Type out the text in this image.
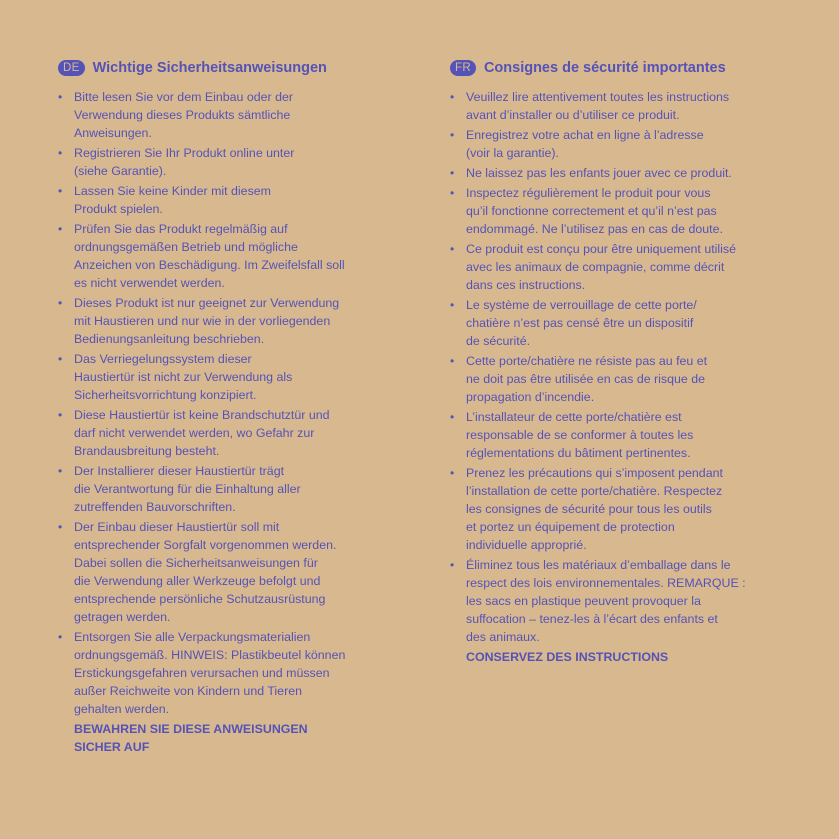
DE Wichtige Sicherheitsanweisungen
• Bitte lesen Sie vor dem Einbau oder der
Verwendung dieses Produkts sämtliche
Anweisungen.
• Registrieren Sie Ihr Produkt online unter
(siehe Garantie).
• Lassen Sie keine Kinder mit diesem
Produkt spielen.
• Prüfen Sie das Produkt regelmäßig auf
ordnungsgemäßen Betrieb und mögliche
Anzeichen von Beschädigung. Im Zweifelsfall soll
es nicht verwendet werden.
• Dieses Produkt ist nur geeignet zur Verwendung
mit Haustieren und nur wie in der vorliegenden
Bedienungsanleitung beschrieben.
• Das Verriegelungssystem dieser
Haustiertür ist nicht zur Verwendung als
Sicherheitsvorrichtung konzipiert.
• Diese Haustiertür ist keine Brandschutztür und
darf nicht verwendet werden, wo Gefahr zur
Brandausbreitung besteht.
• Der Installierer dieser Haustiertür trägt
die Verantwortung für die Einhaltung aller
zutreffenden Bauvorschriften.
• Der Einbau dieser Haustiertür soll mit
entsprechender Sorgfalt vorgenommen werden.
Dabei sollen die Sicherheitsanweisungen für
die Verwendung aller Werkzeuge befolgt und
entsprechende persönliche Schutzausrüstung
getragen werden.
• Entsorgen Sie alle Verpackungsmaterialien
ordnungsgemäß. HINWEIS: Plastikbeutel können
Erstickungsgefahren verursachen und müssen
außer Reichweite von Kindern und Tieren
gehalten werden.
BEWAHREN SIE DIESE ANWEISUNGEN
SICHER AUF
FR Consignes de sécurité importantes
• Veuillez lire attentivement toutes les instructions
avant d’installer ou d’utiliser ce produit.
• Enregistrez votre achat en ligne à l’adresse
(voir la garantie).
• Ne laissez pas les enfants jouer avec ce produit.
• Inspectez régulièrement le produit pour vous
qu’il fonctionne correctement et qu’il n’est pas
endommagé. Ne l’utilisez pas en cas de doute.
• Ce produit est conçu pour être uniquement utilisé
avec les animaux de compagnie, comme décrit
dans ces instructions.
• Le système de verrouillage de cette porte/
chatière n’est pas censé être un dispositif
de sécurité.
• Cette porte/chatière ne résiste pas au feu et
ne doit pas être utilisée en cas de risque de
propagation d’incendie.
• L’installateur de cette porte/chatière est
responsable de se conformer à toutes les
réglementations du bâtiment pertinentes.
• Prenez les précautions qui s’imposent pendant
l’installation de cette porte/chatière. Respectez
les consignes de sécurité pour tous les outils
et portez un équipement de protection
individuelle approprié.
• Éliminez tous les matériaux d’emballage dans le
respect des lois environnementales. REMARQUE :
les sacs en plastique peuvent provoquer la
suffocation – tenez-les à l’écart des enfants et
des animaux.
CONSERVEZ DES INSTRUCTIONS
